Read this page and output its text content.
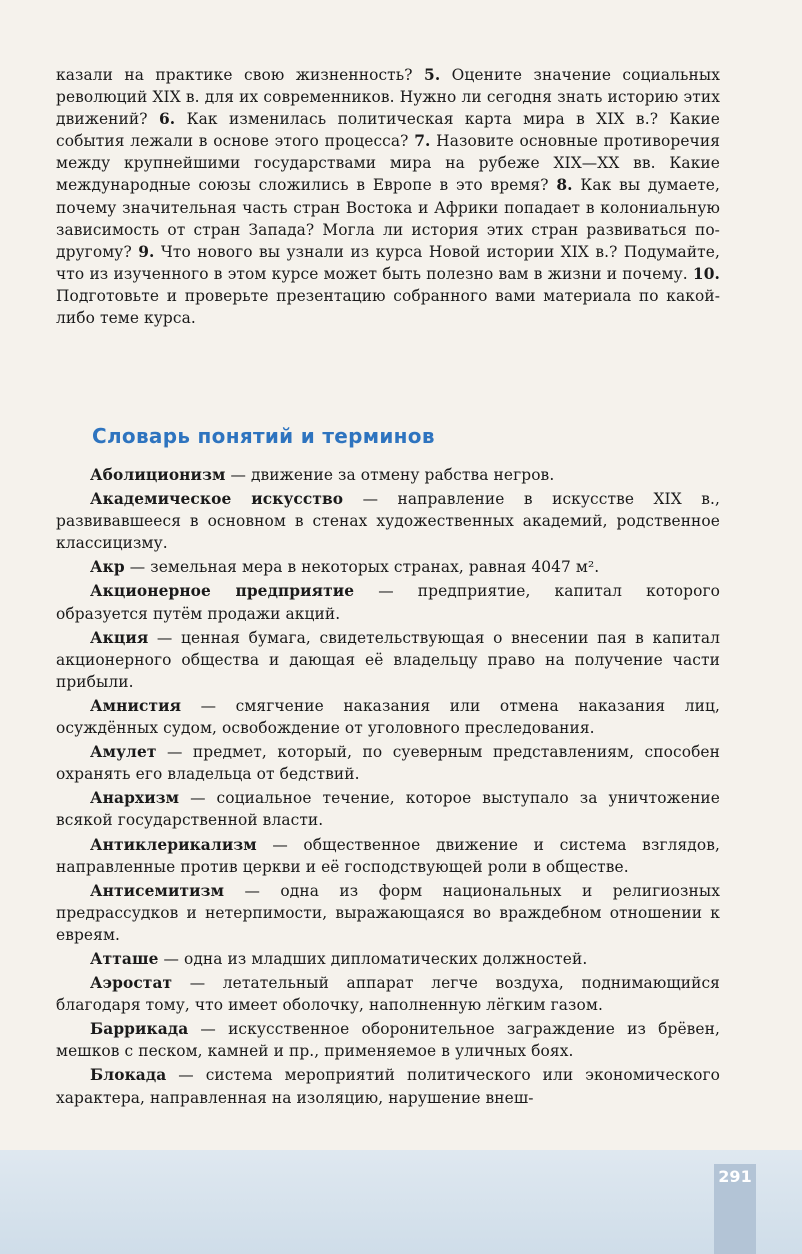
291
казали на практике свою жизненность? 5. Оцените значение социальных революций XIX в. для их современников. Нужно ли сегодня знать историю этих движений? 6. Как изменилась политическая карта мира в XIX в.? Какие события лежали в основе этого процесса? 7. Назовите основные противоречия между крупнейшими государствами мира на рубеже XIX—XX вв. Какие международные союзы сложились в Европе в это время? 8. Как вы думаете, почему значительная часть стран Востока и Африки попадает в колониальную зависимость от стран Запада? Могла ли история этих стран развиваться по-другому? 9. Что нового вы узнали из курса Новой истории XIX в.? Подумайте, что из изученного в этом курсе может быть полезно вам в жизни и почему. 10. Подготовьте и проверьте презентацию собранного вами материала по какой-либо теме курса.
Словарь понятий и терминов

Аболиционизм — движение за отмену рабства негров.

Академическое искусство — направление в искусстве XIX в., развивавшееся в основном в стенах художественных академий, родственное классицизму.

Акр — земельная мера в некоторых странах, равная 4047 м².

Акционерное предприятие — предприятие, капитал которого образуется путём продажи акций.

Акция — ценная бумага, свидетельствующая о внесении пая в капитал акционерного общества и дающая её владельцу право на получение части прибыли.

Амнистия — смягчение наказания или отмена наказания лиц, осуждённых судом, освобождение от уголовного преследования.

Амулет — предмет, который, по суеверным представлениям, способен охранять его владельца от бедствий.

Анархизм — социальное течение, которое выступало за уничтожение всякой государственной власти.

Антиклерикализм — общественное движение и система взглядов, направленные против церкви и её господствующей роли в обществе.

Антисемитизм — одна из форм национальных и религиозных предрассудков и нетерпимости, выражающаяся во враждебном отношении к евреям.

Атташе — одна из младших дипломатических должностей.

Аэростат — летательный аппарат легче воздуха, поднимающийся благодаря тому, что имеет оболочку, наполненную лёгким газом.

Баррикада — искусственное оборонительное заграждение из брёвен, мешков с песком, камней и пр., применяемое в уличных боях.

Блокада — система мероприятий политического или экономического характера, направленная на изоляцию, нарушение внеш-
